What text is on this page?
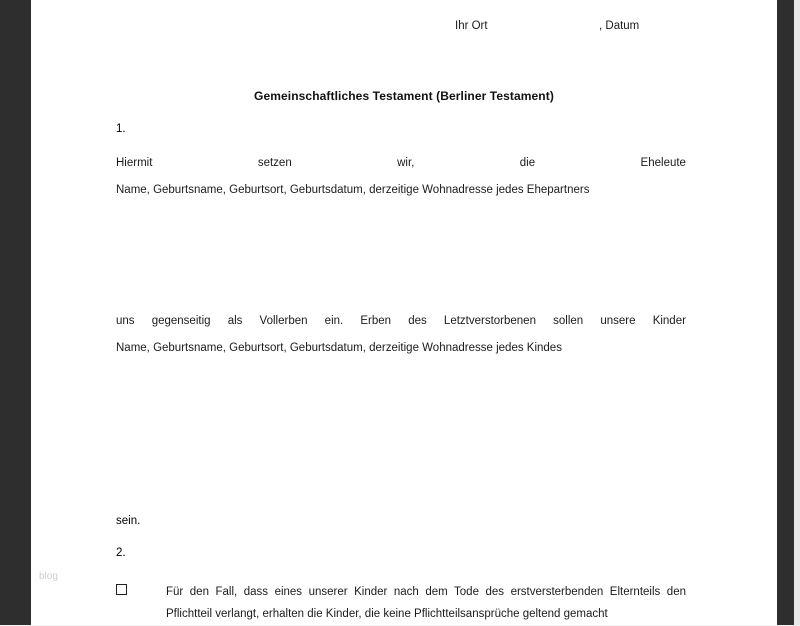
Ihr Ort	, Datum
Gemeinschaftliches Testament (Berliner Testament)
1.
Hiermit	setzen	wir,	die	Eheleute
Name, Geburtsname, Geburtsort, Geburtsdatum, derzeitige Wohnadresse jedes Ehepartners
uns gegenseitig als Vollerben ein. Erben des Letztverstorbenen sollen unsere Kinder
Name, Geburtsname, Geburtsort, Geburtsdatum, derzeitige Wohnadresse jedes Kindes
sein.
2.
Für den Fall, dass eines unserer Kinder nach dem Tode des erstversterbenden Elternteils den Pflichtteil verlangt, erhalten die Kinder, die keine Pflichtteilsansprüche geltend gemacht
blog
